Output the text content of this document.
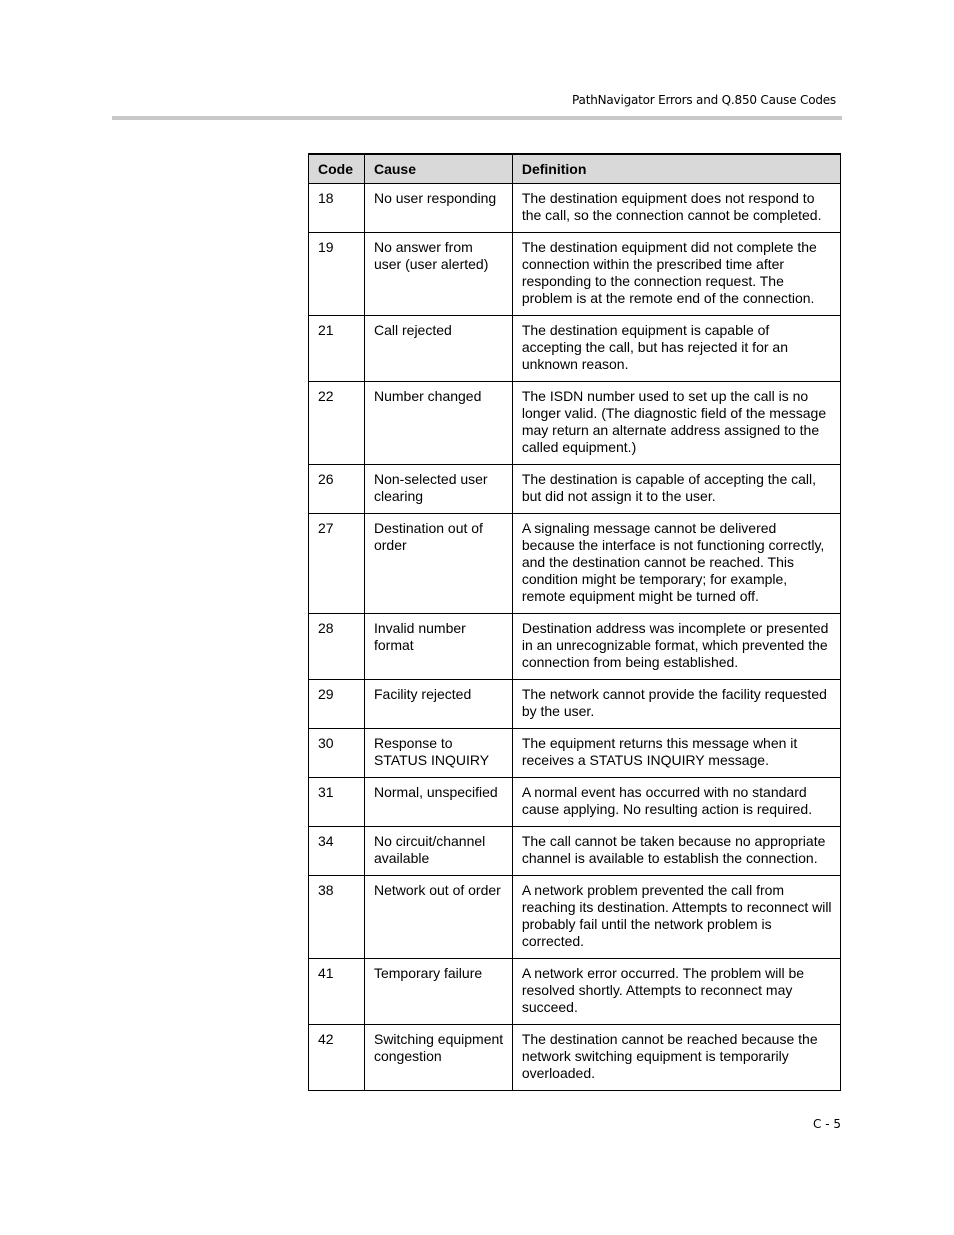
PathNavigator Errors and Q.850 Cause Codes
Code	Cause	Definition
18	No user responding	The destination equipment does not respond to the call, so the connection cannot be completed.
19	No answer from user (user alerted)	The destination equipment did not complete the connection within the prescribed time after responding to the connection request. The problem is at the remote end of the connection.
21	Call rejected	The destination equipment is capable of accepting the call, but has rejected it for an unknown reason.
22	Number changed	The ISDN number used to set up the call is no longer valid. (The diagnostic field of the message may return an alternate address assigned to the called equipment.)
26	Non-selected user clearing	The destination is capable of accepting the call, but did not assign it to the user.
27	Destination out of order	A signaling message cannot be delivered because the interface is not functioning correctly, and the destination cannot be reached. This condition might be temporary; for example, remote equipment might be turned off.
28	Invalid number format	Destination address was incomplete or presented in an unrecognizable format, which prevented the connection from being established.
29	Facility rejected	The network cannot provide the facility requested by the user.
30	Response to STATUS INQUIRY	The equipment returns this message when it receives a STATUS INQUIRY message.
31	Normal, unspecified	A normal event has occurred with no standard cause applying. No resulting action is required.
34	No circuit/channel available	The call cannot be taken because no appropriate channel is available to establish the connection.
38	Network out of order	A network problem prevented the call from reaching its destination. Attempts to reconnect will probably fail until the network problem is corrected.
41	Temporary failure	A network error occurred. The problem will be resolved shortly. Attempts to reconnect may succeed.
42	Switching equipment congestion	The destination cannot be reached because the network switching equipment is temporarily overloaded.
C - 5
